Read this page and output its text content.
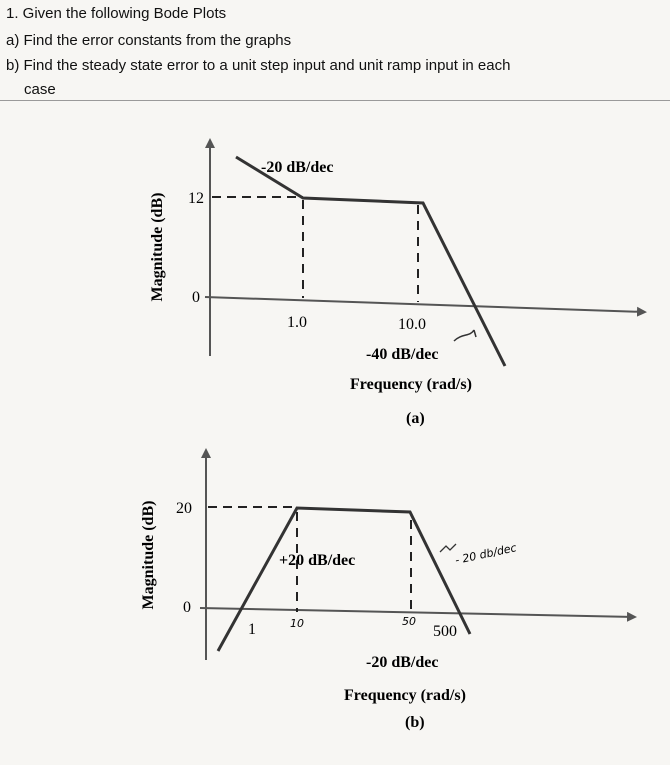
1. Given the following Bode Plots
a) Find the error constants from the graphs
b) Find the steady state error to a unit step input and unit ramp input in each
case
Magnitude (dB) 12
0
1.0	10.0
-20 dB/dec
-40 dB/dec
Frequency (rad/s)
(a)
Magnitude (dB) 20
0
1	10	50
500
+20 dB/dec
-20 dB/dec
- 20 db/dec
Frequency (rad/s)
(b)
